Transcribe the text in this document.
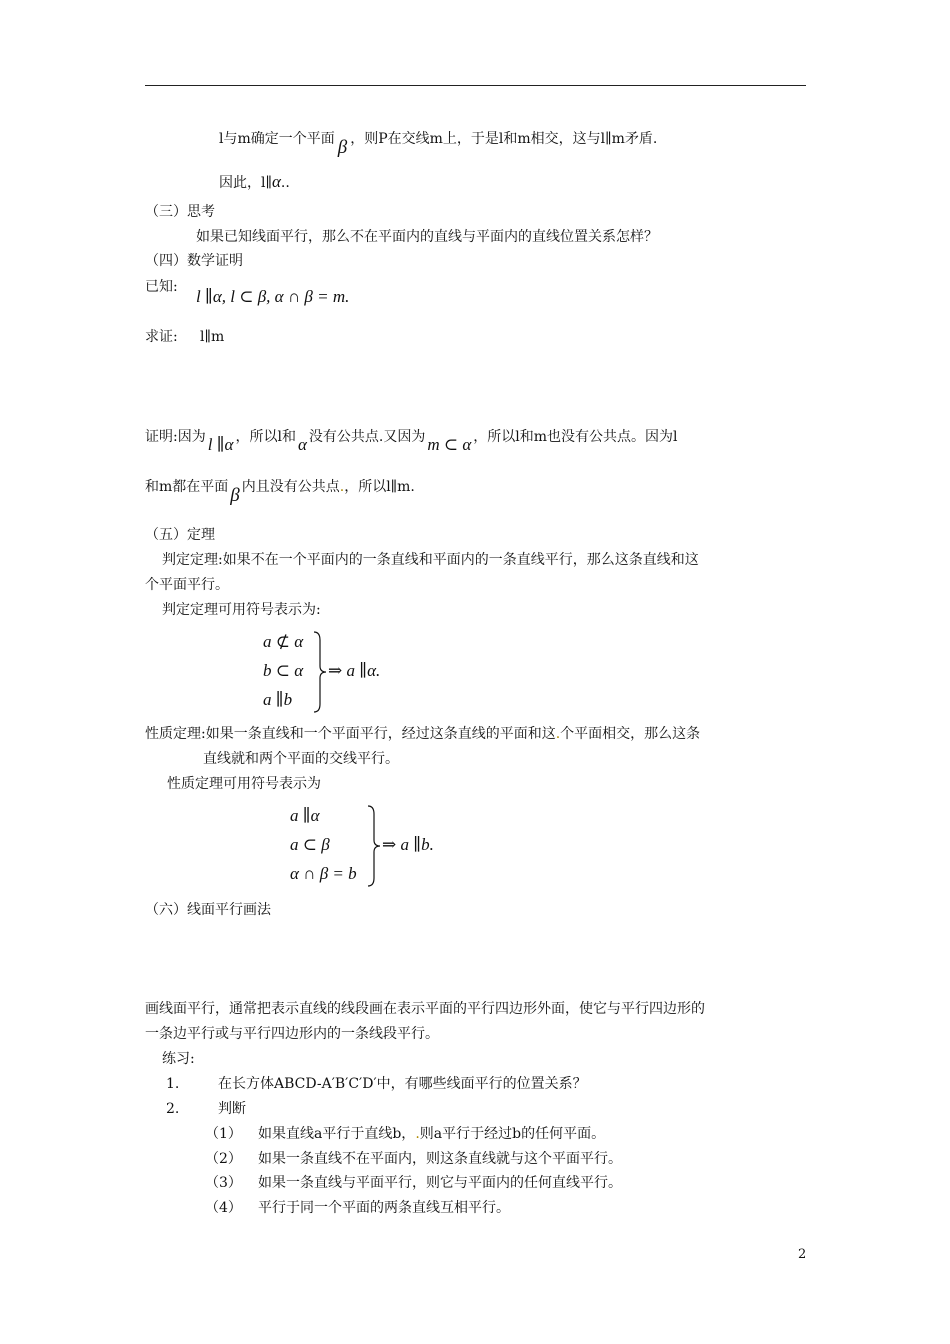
l与m确定一个平面 β ，则P在交线m上，于是l和m相交，这与l∥m矛盾.
因此，l∥α..
（三）思考
如果已知线面平行，那么不在平面内的直线与平面内的直线位置关系怎样？
（四）数学证明
已知: l ∥α, l ⊂ β, α ∩ β = m.
求证: l∥m
证明:因为 l ∥α ，所以l和 α 没有公共点.又因为 m ⊂ α ，所以l和m也没有公共点。因为l
和m都在平面 β 内且没有公共点.，所以l∥m.
（五）定理
判定定理:如果不在一个平面内的一条直线和平面内的一条直线平行，那么这条直线和这
个平面平行。
判定定理可用符号表示为:
a ⊄ α
b ⊂ α
a ∥b
⇒ a ∥α.
性质定理:如果一条直线和一个平面平行，经过这条直线的平面和这.个平面相交，那么这条
直线就和两个平面的交线平行。
性质定理可用符号表示为
a ∥α
a ⊂ β
α ∩ β = b
⇒ a ∥b.
（六）线面平行画法
画线面平行，通常把表示直线的线段画在表示平面的平行四边形外面，使它与平行四边形的
一条边平行或与平行四边形内的一条线段平行。
练习:
1.	在长方体ABCD-A′B′C′D′中，有哪些线面平行的位置关系？
2.	判断
（1） 如果直线a平行于直线b，.则a平行于经过b的任何平面。
（2） 如果一条直线不在平面内，则这条直线就与这个平面平行。
（3） 如果一条直线与平面平行，则它与平面内的任何直线平行。
（4） 平行于同一个平面的两条直线互相平行。
2
